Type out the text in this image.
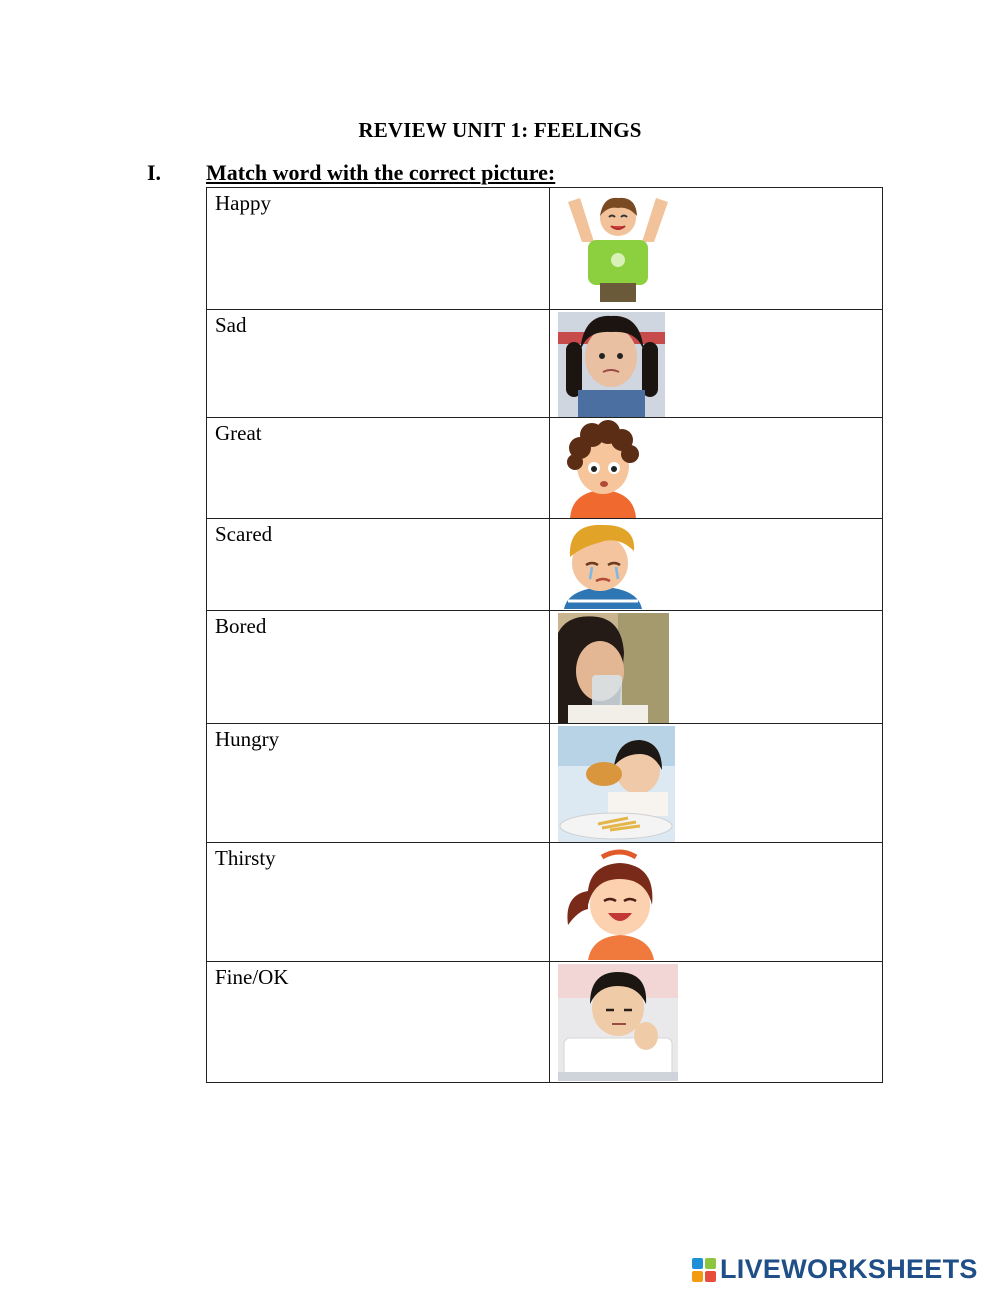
REVIEW UNIT 1: FEELINGS
I. Match word with the correct picture:
Happy	

Sad	

Great	

Scared	

Bored	

Hungry	

Thirsty	

Fine/OK	
LIVEWORKSHEETS
